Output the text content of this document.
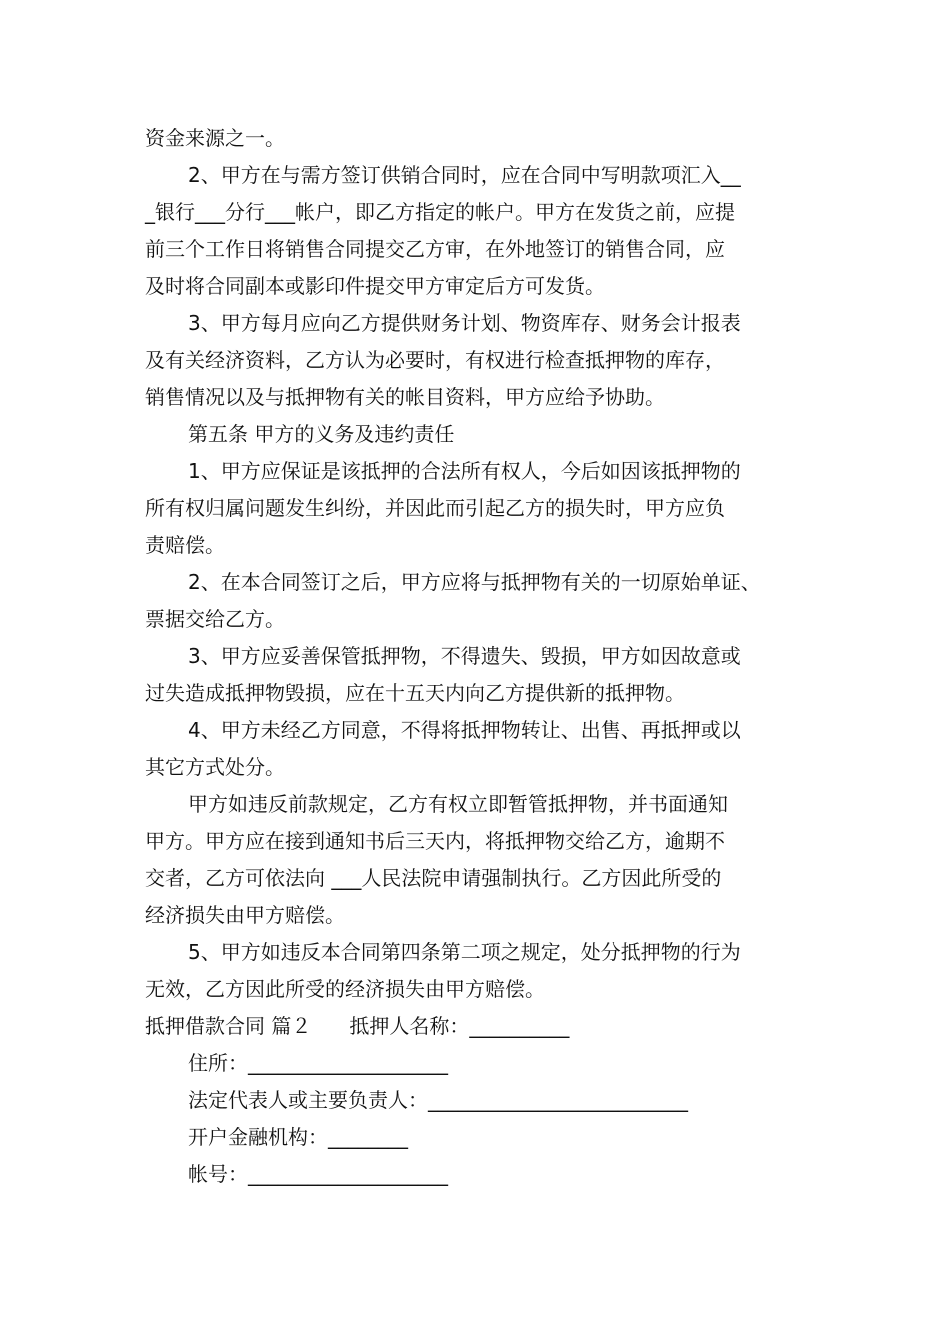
资金来源之一。
2、甲方在与需方签订供销合同时，应在合同中写明款项汇入__
_银行___分行___帐户，即乙方指定的帐户。甲方在发货之前，应提
前三个工作日将销售合同提交乙方审，在外地签订的销售合同，应
及时将合同副本或影印件提交甲方审定后方可发货。
3、甲方每月应向乙方提供财务计划、物资库存、财务会计报表
及有关经济资料，乙方认为必要时，有权进行检查抵押物的库存，
销售情况以及与抵押物有关的帐目资料，甲方应给予协助。
第五条 甲方的义务及违约责任
1、甲方应保证是该抵押的合法所有权人，今后如因该抵押物的
所有权归属问题发生纠纷，并因此而引起乙方的损失时，甲方应负
责赔偿。
2、在本合同签订之后，甲方应将与抵押物有关的一切原始单证、
票据交给乙方。
3、甲方应妥善保管抵押物，不得遗失、毁损，甲方如因故意或
过失造成抵押物毁损，应在十五天内向乙方提供新的抵押物。
4、甲方未经乙方同意，不得将抵押物转让、出售、再抵押或以
其它方式处分。
甲方如违反前款规定，乙方有权立即暂管抵押物，并书面通知
甲方。甲方应在接到通知书后三天内，将抵押物交给乙方，逾期不
交者，乙方可依法向 ___人民法院申请强制执行。乙方因此所受的
经济损失由甲方赔偿。
5、甲方如违反本合同第四条第二项之规定，处分抵押物的行为
无效，乙方因此所受的经济损失由甲方赔偿。
抵押借款合同 篇２ 抵押人名称：__________
住所：____________________
法定代表人或主要负责人：__________________________
开户金融机构：________
帐号：____________________
